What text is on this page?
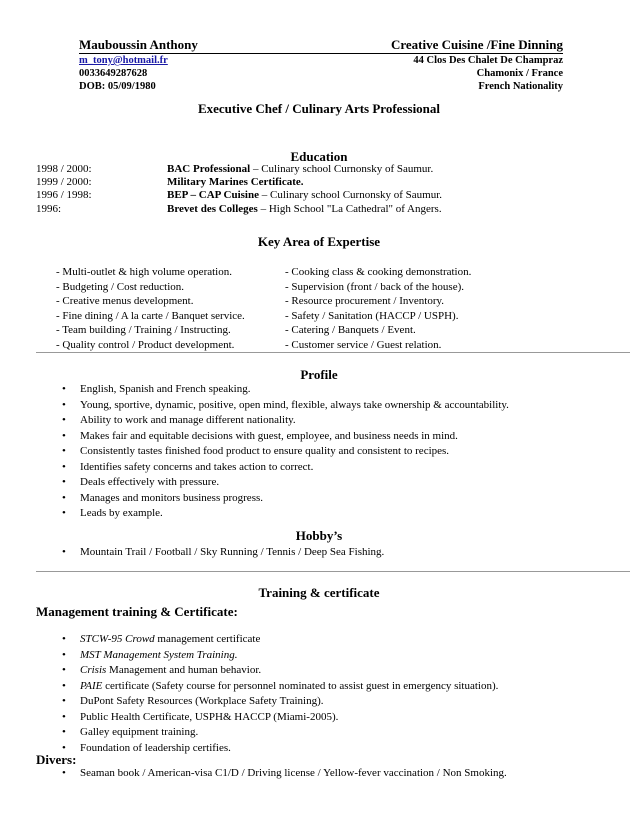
Mauboussin Anthony	Creative Cuisine /Fine Dinning
m_tony@hotmail.fr
0033649287628
DOB: 05/09/1980
44 Clos Des Chalet De Champraz
Chamonix / France
French Nationality
Executive Chef / Culinary Arts Professional
Education
1998 / 2000:	BAC Professional – Culinary school Curnonsky of Saumur.
1999 / 2000:	Military Marines Certificate.
1996 / 1998:	BEP – CAP Cuisine – Culinary school Curnonsky of Saumur.
1996:	Brevet des Colleges – High School "La Cathedral" of Angers.
Key Area of Expertise
- Multi-outlet & high volume operation.
- Budgeting / Cost reduction.
- Creative menus development.
- Fine dining / A la carte / Banquet service.
- Team building / Training / Instructing.
- Quality control / Product development.
- Cooking class & cooking demonstration.
- Supervision (front / back of the house).
- Resource procurement / Inventory.
- Safety / Sanitation (HACCP / USPH).
- Catering / Banquets / Event.
- Customer service / Guest relation.
Profile
• English, Spanish and French speaking.
• Young, sportive, dynamic, positive, open mind, flexible, always take ownership & accountability.
• Ability to work and manage different nationality.
• Makes fair and equitable decisions with guest, employee, and business needs in mind.
• Consistently tastes finished food product to ensure quality and consistent to recipes.
• Identifies safety concerns and takes action to correct.
• Deals effectively with pressure.
• Manages and monitors business progress.
• Leads by example.
Hobby’s
• Mountain Trail / Football / Sky Running / Tennis / Deep Sea Fishing.
Training & certificate
Management training & Certificate:
• STCW-95 Crowd management certificate
• MST Management System Training.
• Crisis Management and human behavior.
• PAIE certificate (Safety course for personnel nominated to assist guest in emergency situation).
• DuPont Safety Resources (Workplace Safety Training).
• Public Health Certificate, USPH& HACCP (Miami-2005).
• Galley equipment training.
• Foundation of leadership certifies.
Divers:
• Seaman book / American-visa C1/D / Driving license / Yellow-fever vaccination / Non Smoking.
